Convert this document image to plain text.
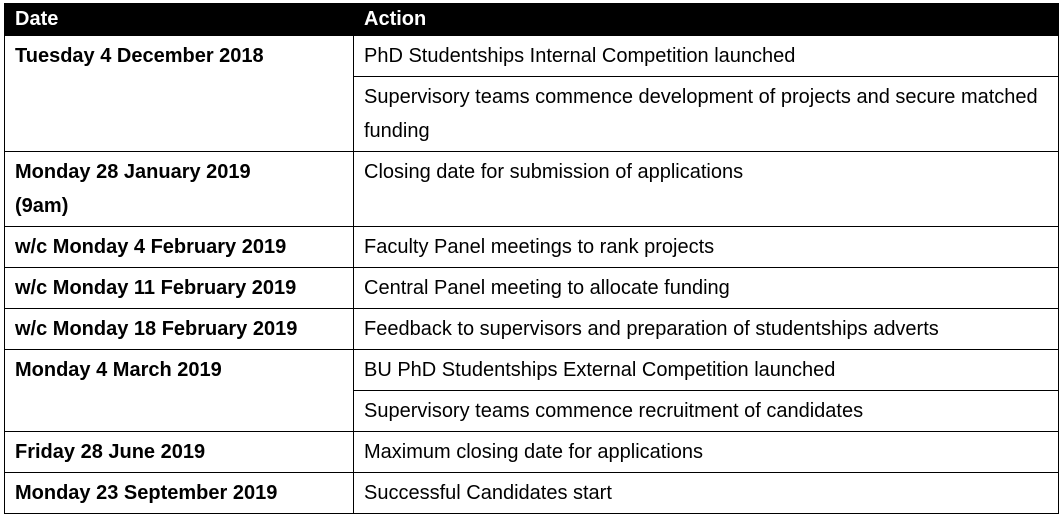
Date	Action
Tuesday 4 December 2018	PhD Studentships Internal Competition launched
	Supervisory teams commence development of projects and secure matched funding
Monday 28 January 2019 (9am)	Closing date for submission of applications
w/c Monday 4 February 2019	Faculty Panel meetings to rank projects
w/c Monday 11 February 2019	Central Panel meeting to allocate funding
w/c Monday 18 February 2019	Feedback to supervisors and preparation of studentships adverts
Monday 4 March 2019	BU PhD Studentships External Competition launched
	Supervisory teams commence recruitment of candidates
Friday 28 June 2019	Maximum closing date for applications
Monday 23 September 2019	Successful Candidates start
